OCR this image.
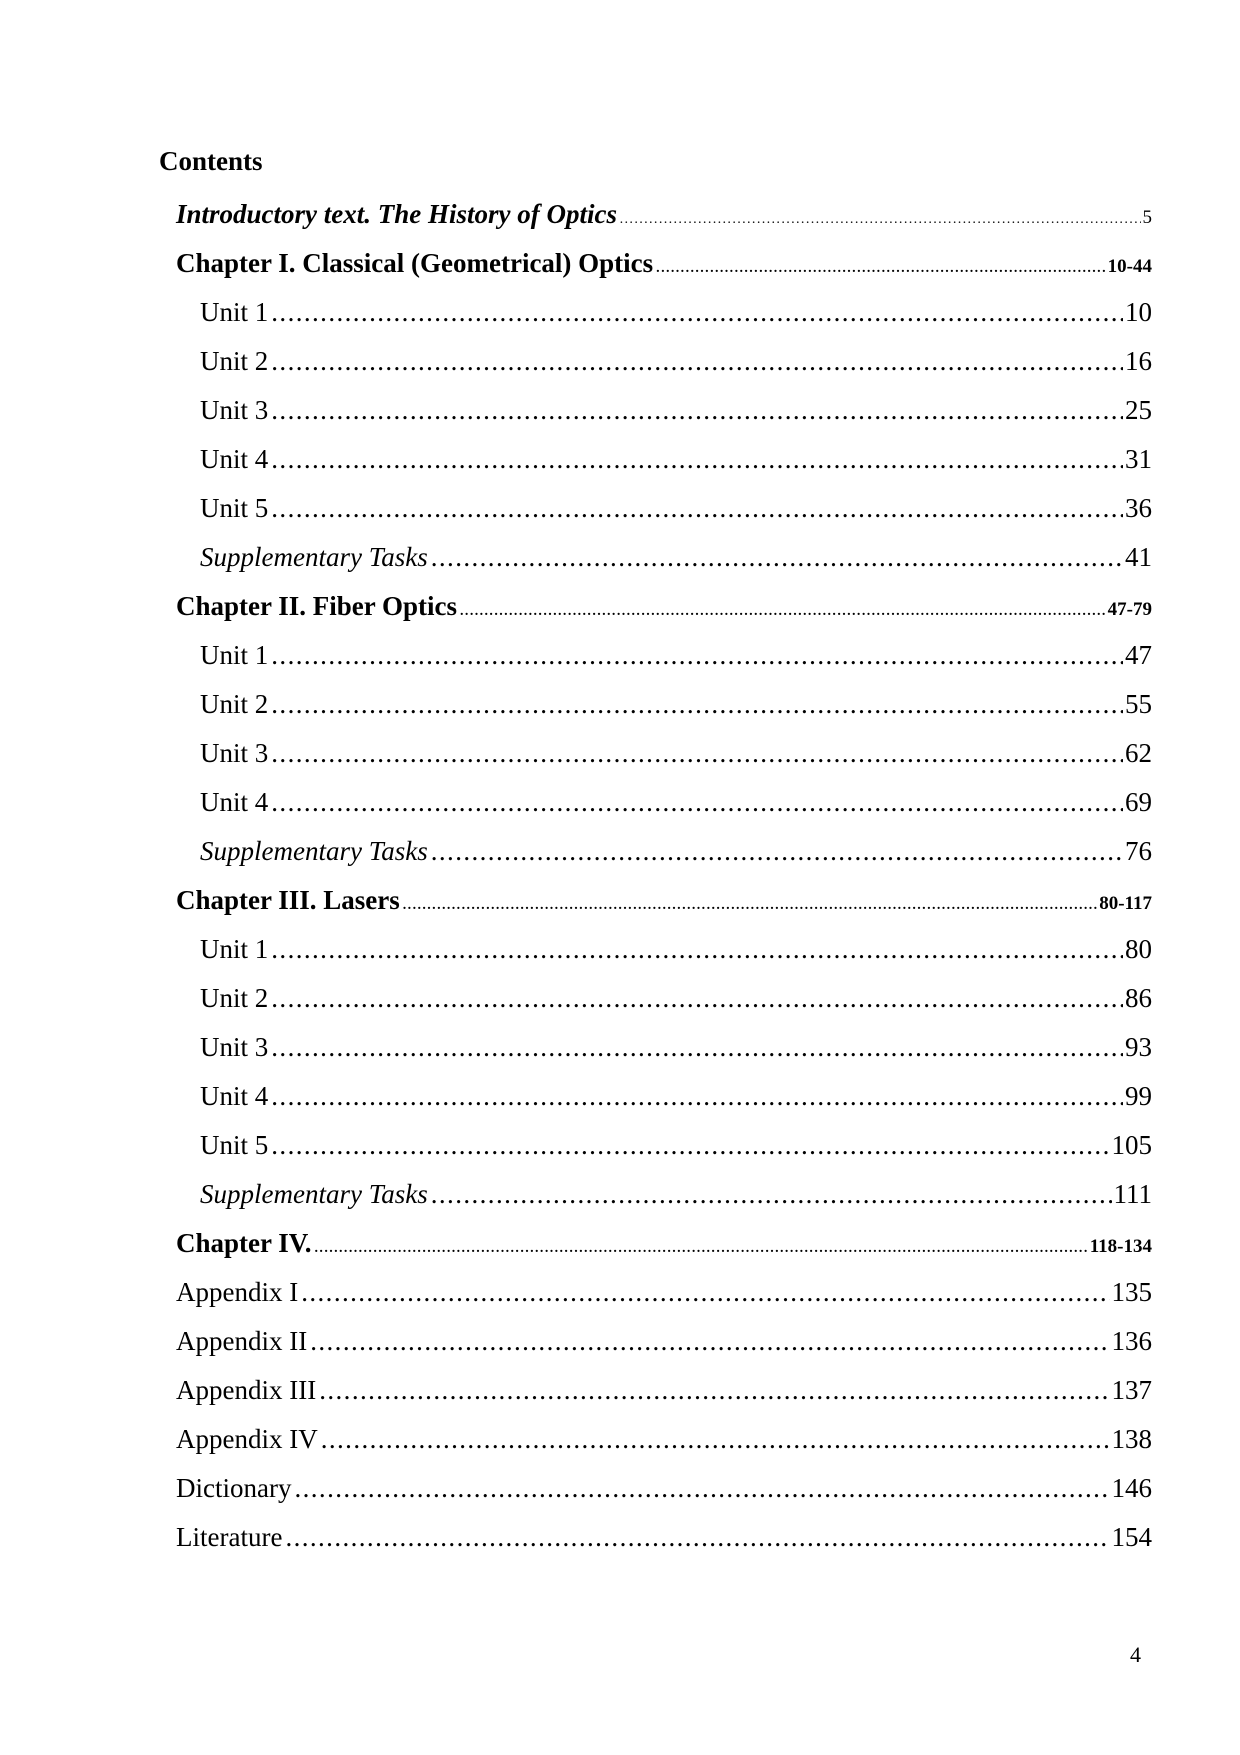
Contents
Introductory text. The History of Optics .....	5
Chapter I. Classical (Geometrical) Optics .....	10-44
Unit 1 .....	10
Unit 2 .....	16
Unit 3 .....	25
Unit 4 .....	31
Unit 5 .....	36
Supplementary Tasks .....	41
Chapter II. Fiber Optics .....	47-79
Unit 1 .....	47
Unit 2 .....	55
Unit 3 .....	62
Unit 4 .....	69
Supplementary Tasks .....	76
Chapter III. Lasers .....	80-117
Unit 1 .....	80
Unit 2 .....	86
Unit 3 .....	93
Unit 4 .....	99
Unit 5 .....	105
Supplementary Tasks .....	111
Chapter IV. .....	118-134
Appendix I .....	135
Appendix II .....	136
Appendix III .....	137
Appendix IV .....	138
Dictionary .....	146
Literature .....	154
4
